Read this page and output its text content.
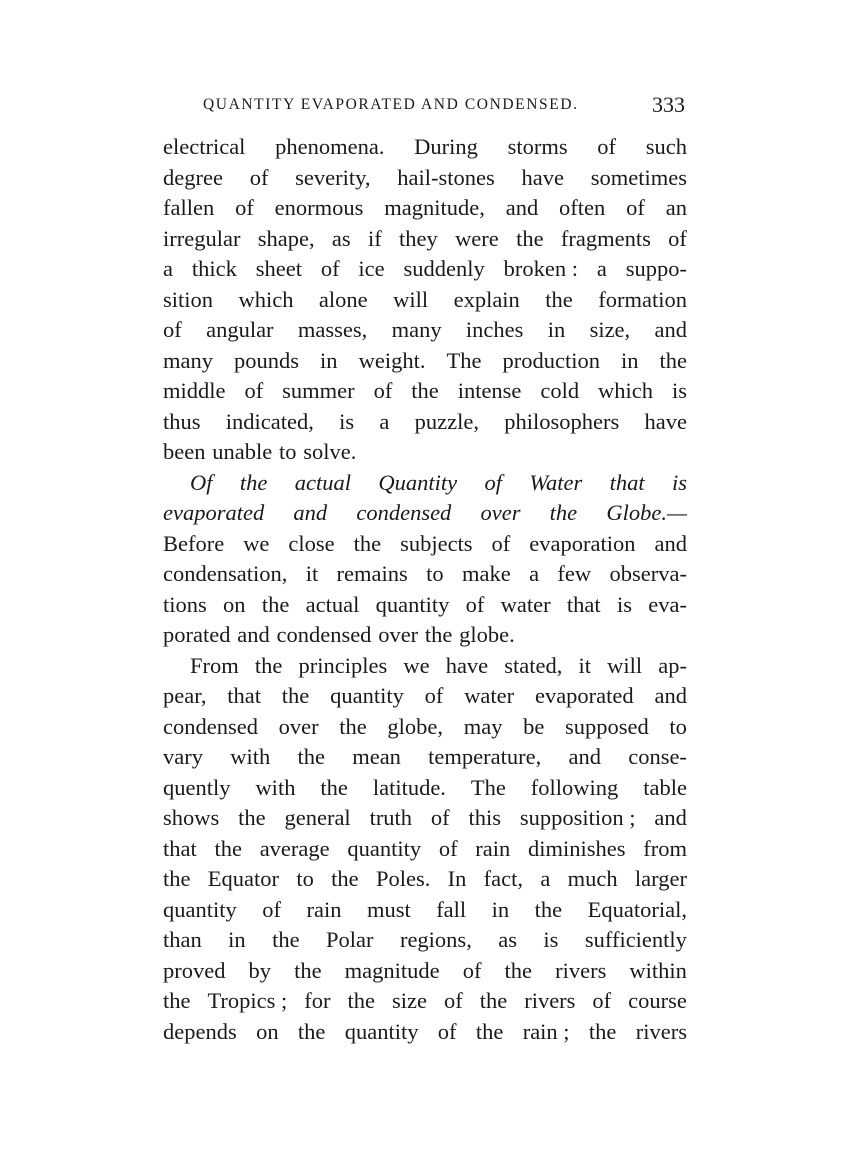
QUANTITY EVAPORATED AND CONDENSED.	333
electrical phenomena. During storms of such
degree of severity, hail-stones have sometimes
fallen of enormous magnitude, and often of an
irregular shape, as if they were the fragments of
a thick sheet of ice suddenly broken : a suppo-
sition which alone will explain the formation
of angular masses, many inches in size, and
many pounds in weight. The production in the
middle of summer of the intense cold which is
thus indicated, is a puzzle, philosophers have
been unable to solve.
Of the actual Quantity of Water that is
evaporated and condensed over the Globe.—
Before we close the subjects of evaporation and
condensation, it remains to make a few observa-
tions on the actual quantity of water that is eva-
porated and condensed over the globe.
From the principles we have stated, it will ap-
pear, that the quantity of water evaporated and
condensed over the globe, may be supposed to
vary with the mean temperature, and conse-
quently with the latitude. The following table
shows the general truth of this supposition ; and
that the average quantity of rain diminishes from
the Equator to the Poles. In fact, a much larger
quantity of rain must fall in the Equatorial,
than in the Polar regions, as is sufficiently
proved by the magnitude of the rivers within
the Tropics ; for the size of the rivers of course
depends on the quantity of the rain ; the rivers
